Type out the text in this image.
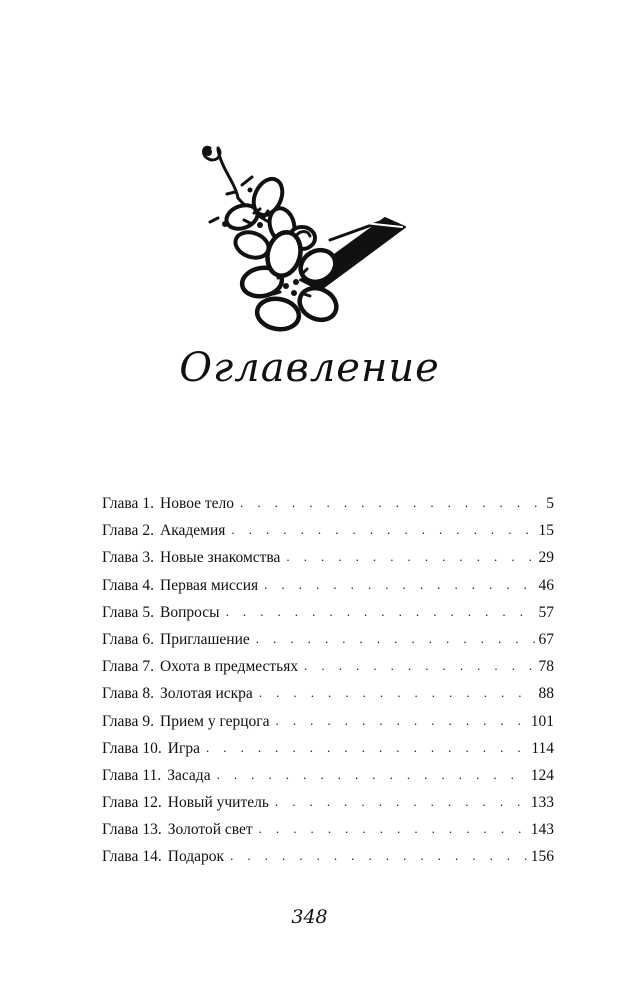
Оглавление
Глава 1. Новое тело . . .	5
Глава 2. Академия . . .	15
Глава 3. Новые знакомства . . .	29
Глава 4. Первая миссия . . .	46
Глава 5. Вопросы . . .	57
Глава 6. Приглашение . . .	67
Глава 7. Охота в предместьях . . .	78
Глава 8. Золотая искра . . .	88
Глава 9. Прием у герцога . . .	101
Глава 10. Игра . . .	114
Глава 11. Засада . . .	124
Глава 12. Новый учитель . . .	133
Глава 13. Золотой свет . . .	143
Глава 14. Подарок . . .	156
348
